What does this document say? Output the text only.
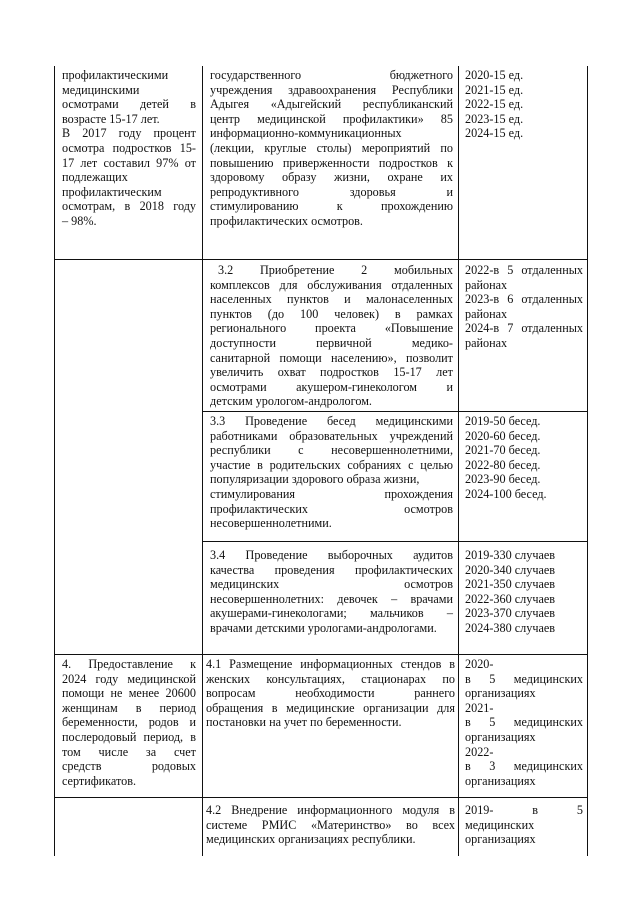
профилактическими
медицинскими
осмотрами детей в
возрасте 15-17 лет.
В 2017 году процент
осмотра подростков 15-
17 лет составил 97% от
подлежащих
профилактическим
осмотрам, в 2018 году
– 98%.
государственного бюджетного
учреждения здравоохранения Республики
Адыгея «Адыгейский республиканский
центр медицинской профилактики» 85
информационно-коммуникационных
(лекции, круглые столы) мероприятий по
повышению приверженности подростков к
здоровому образу жизни, охране их
репродуктивного здоровья и
стимулированию к прохождению
профилактических осмотров.
2020-15 ед.
2021-15 ед.
2022-15 ед.
2023-15 ед.
2024-15 ед.
3.2 Приобретение 2 мобильных
комплексов для обслуживания отдаленных
населенных пунктов и малонаселенных
пунктов (до 100 человек) в рамках
регионального проекта «Повышение
доступности первичной медико-
санитарной помощи населению», позволит
увеличить охват подростков 15-17 лет
осмотрами акушером-гинекологом и
детским урологом-андрологом.
2022-в 5 отдаленных
районах
2023-в 6 отдаленных
районах
2024-в 7 отдаленных
районах
3.3 Проведение бесед медицинскими
работниками образовательных учреждений
республики с несовершеннолетними,
участие в родительских собраниях с целью
популяризации здорового образа жизни,
стимулирования прохождения
профилактических осмотров
несовершеннолетними.
2019-50 бесед.
2020-60 бесед.
2021-70 бесед.
2022-80 бесед.
2023-90 бесед.
2024-100 бесед.
3.4 Проведение выборочных аудитов
качества проведения профилактических
медицинских осмотров
несовершеннолетних: девочек – врачами
акушерами-гинекологами; мальчиков –
врачами детскими урологами-андрологами.
2019-330 случаев
2020-340 случаев
2021-350 случаев
2022-360 случаев
2023-370 случаев
2024-380 случаев
4. Предоставление к
2024 году медицинской
помощи не менее 20600
женщинам в период
беременности, родов и
послеродовый период, в
том числе за счет
средств родовых
сертификатов.
4.1 Размещение информационных стендов в
женских консультациях, стационарах по
вопросам необходимости раннего
обращения в медицинские организации для
постановки на учет по беременности.
2020-
в 5 медицинских
организациях
2021-
в 5 медицинских
организациях
2022-
в 3 медицинских
организациях
4.2 Внедрение информационного модуля в
системе РМИС «Материнство» во всех
медицинских организациях республики.
2019- в 5
медицинских
организациях
